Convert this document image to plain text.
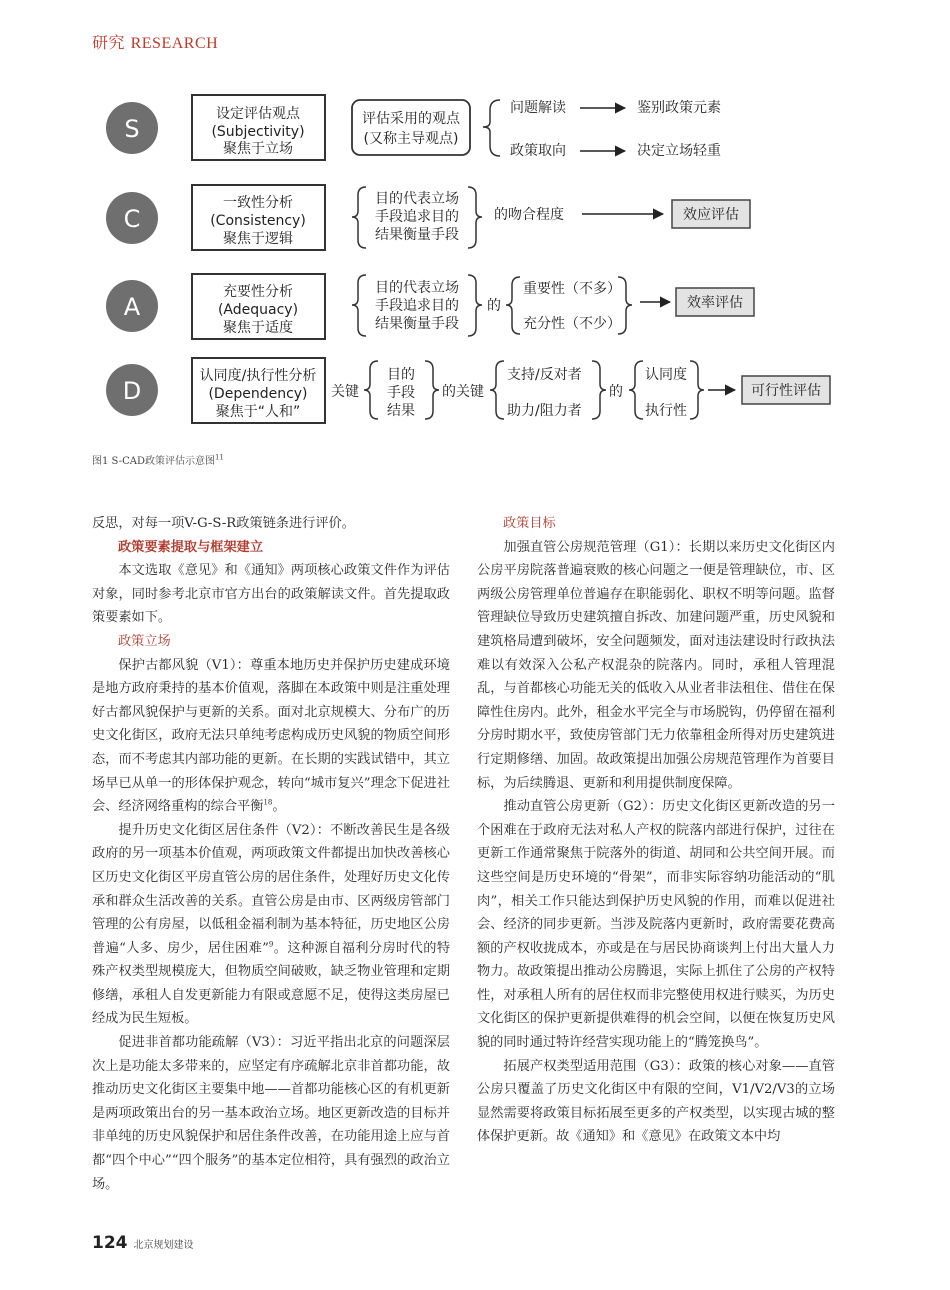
研究 RESEARCH
S
设定评估观点
(Subjectivity)
聚焦于立场
评估采用的观点
(又称主导观点)
问题解读	鉴别政策元素
政策取向	决定立场轻重
C
一致性分析
(Consistency)
聚焦于逻辑
目的代表立场
手段追求目的
结果衡量手段
的吻合程度	效应评估
A
充要性分析
(Adequacy)
聚焦于适度
目的代表立场
手段追求目的
结果衡量手段
的
重要性（不多）
充分性（不少）
效率评估
D
认同度/执行性分析
(Dependency)
聚焦于“人和”
关键
目的
手段
结果
的关键
支持/反对者
助力/阻力者
的
认同度
执行性
可行性评估
图1 S-CAD政策评估示意图$^{11}$

反思，对每一项V-G-S-R政策链条进行评价。

政策要素提取与框架建立

本文选取《意见》和《通知》两项核心政策文件作为评估对象，同时参考北京市官方出台的政策解读文件。首先提取政策要素如下。

政策立场

保护古都风貌（V1）：尊重本地历史并保护历史建成环境是地方政府秉持的基本价值观，落脚在本政策中则是注重处理好古都风貌保护与更新的关系。面对北京规模大、分布广的历史文化街区，政府无法只单纯考虑构成历史风貌的物质空间形态，而不考虑其内部功能的更新。在长期的实践试错中，其立场早已从单一的形体保护观念，转向“城市复兴”理念下促进社会、经济网络重构的综合平衡$^{18}$。

提升历史文化街区居住条件（V2）：不断改善民生是各级政府的另一项基本价值观，两项政策文件都提出加快改善核心区历史文化街区平房直管公房的居住条件，处理好历史文化传承和群众生活改善的关系。直管公房是由市、区两级房管部门管理的公有房屋，以低租金福利制为基本特征，历史地区公房普遍“人多、房少，居住困难”$^9$。这种源自福利分房时代的特殊产权类型规模庞大，但物质空间破败，缺乏物业管理和定期修缮，承租人自发更新能力有限或意愿不足，使得这类房屋已经成为民生短板。

促进非首都功能疏解（V3）：习近平指出北京的问题深层次上是功能太多带来的，应坚定有序疏解北京非首都功能，故推动历史文化街区主要集中地——首都功能核心区的有机更新是两项政策出台的另一基本政治立场。地区更新改造的目标并非单纯的历史风貌保护和居住条件改善，在功能用途上应与首都“四个中心”“四个服务”的基本定位相符，具有强烈的政治立场。

政策目标

加强直管公房规范管理（G1）：长期以来历史文化街区内公房平房院落普遍衰败的核心问题之一便是管理缺位，市、区两级公房管理单位普遍存在职能弱化、职权不明等问题。监督管理缺位导致历史建筑擅自拆改、加建问题严重，历史风貌和建筑格局遭到破坏，安全问题频发，面对违法建设时行政执法难以有效深入公私产权混杂的院落内。同时，承租人管理混乱，与首都核心功能无关的低收入从业者非法租住、借住在保障性住房内。此外，租金水平完全与市场脱钩，仍停留在福利分房时期水平，致使房管部门无力依靠租金所得对历史建筑进行定期修缮、加固。故政策提出加强公房规范管理作为首要目标，为后续腾退、更新和利用提供制度保障。

推动直管公房更新（G2）：历史文化街区更新改造的另一个困难在于政府无法对私人产权的院落内部进行保护，过往在更新工作通常聚焦于院落外的街道、胡同和公共空间开展。而这些空间是历史环境的“骨架”，而非实际容纳功能活动的“肌肉”，相关工作只能达到保护历史风貌的作用，而难以促进社会、经济的同步更新。当涉及院落内更新时，政府需要花费高额的产权收拢成本，亦或是在与居民协商谈判上付出大量人力物力。故政策提出推动公房腾退，实际上抓住了公房的产权特性，对承租人所有的居住权而非完整使用权进行赎买，为历史文化街区的保护更新提供难得的机会空间，以便在恢复历史风貌的同时通过特许经营实现功能上的“腾笼换鸟”。

拓展产权类型适用范围（G3）：政策的核心对象——直管公房只覆盖了历史文化街区中有限的空间，V1/V2/V3的立场显然需要将政策目标拓展至更多的产权类型，以实现古城的整体保护更新。故《通知》和《意见》在政策文本中均

124 北京规划建设
